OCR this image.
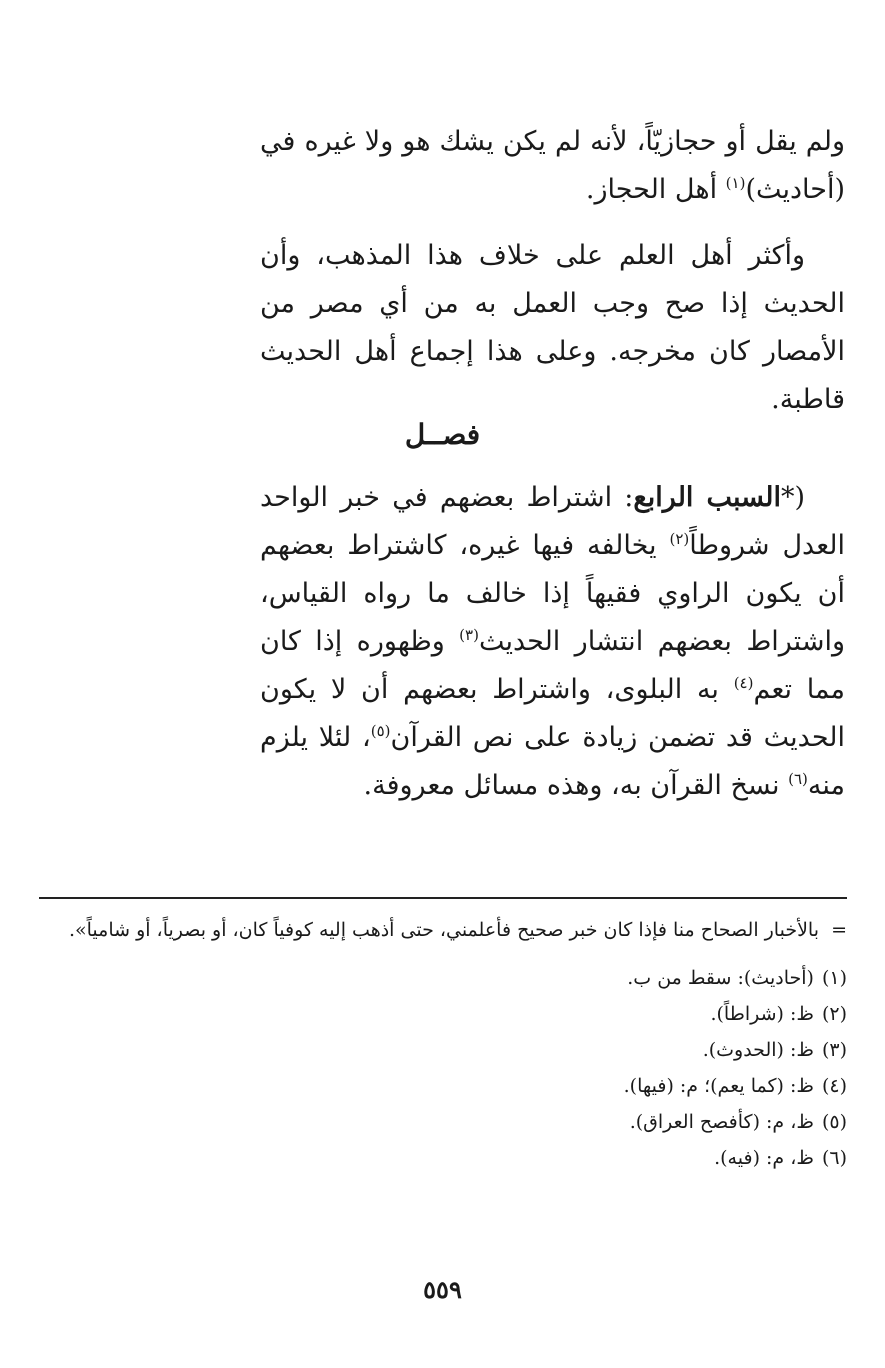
ولم يقل أو حجازيّاً، لأنه لم يكن يشك هو ولا غيره في (أحاديث)$^{(١)}$ أهل الحجاز.

وأكثر أهل العلم على خلاف هذا المذهب، وأن الحديث إذا صح وجب العمل به من أي مصر من الأمصار كان مخرجه. وعلى هذا إجماع أهل الحديث قاطبة.

فصــل

(*السبب الرابع: اشتراط بعضهم في خبر الواحد العدل شروطاً$^{(٢)}$ يخالفه فيها غيره، كاشتراط بعضهم أن يكون الراوي فقيهاً إذا خالف ما رواه القياس، واشتراط بعضهم انتشار الحديث$^{(٣)}$ وظهوره إذا كان مما تعم$^{(٤)}$ به البلوى، واشتراط بعضهم أن لا يكون الحديث قد تضمن زيادة على نص القرآن$^{(٥)}$، لئلا يلزم منه$^{(٦)}$ نسخ القرآن به، وهذه مسائل معروفة.

=بالأخبار الصحاح منا فإذا كان خبر صحيح فأعلمني، حتى أذهب إليه كوفياً كان، أو بصرياً، أو شامياً».

(١)(أحاديث): سقط من ب.

(٢)ظ: (شراطاً).

(٣)ظ: (الحدوث).

(٤)ظ: (كما يعم)؛ م: (فيها).

(٥)ظ، م: (كأفصح العراق).

(٦)ظ، م: (فيه).

٥٥٩
